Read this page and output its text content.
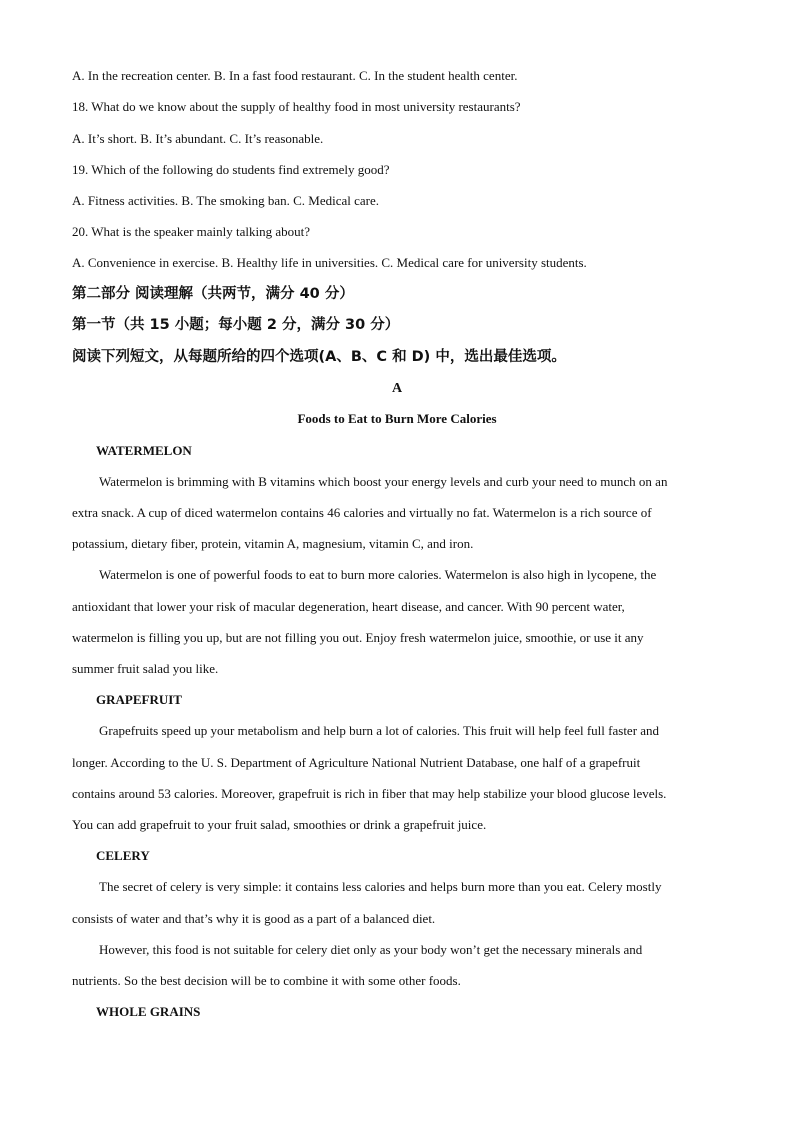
A. In the recreation center. B. In a fast food restaurant. C. In the student health center.
18. What do we know about the supply of healthy food in most university restaurants?
A. It’s short. B. It’s abundant. C. It’s reasonable.
19. Which of the following do students find extremely good?
A. Fitness activities. B. The smoking ban. C. Medical care.
20. What is the speaker mainly talking about?
A. Convenience in exercise. B. Healthy life in universities. C. Medical care for university students.
第二部分 阅读理解（共两节，满分 40 分）
第一节（共 15 小题；每小题 2 分，满分 30 分）
阅读下列短文，从每题所给的四个选项(A、B、C 和 D) 中，选出最佳选项。
A
Foods to Eat to Burn More Calories
WATERMELON
Watermelon is brimming with B vitamins which boost your energy levels and curb your need to munch on an
extra snack. A cup of diced watermelon contains 46 calories and virtually no fat. Watermelon is a rich source of
potassium, dietary fiber, protein, vitamin A, magnesium, vitamin C, and iron.
Watermelon is one of powerful foods to eat to burn more calories. Watermelon is also high in lycopene, the
antioxidant that lower your risk of macular degeneration, heart disease, and cancer. With 90 percent water,
watermelon is filling you up, but are not filling you out. Enjoy fresh watermelon juice, smoothie, or use it any
summer fruit salad you like.
GRAPEFRUIT
Grapefruits speed up your metabolism and help burn a lot of calories. This fruit will help feel full faster and
longer. According to the U. S. Department of Agriculture National Nutrient Database, one half of a grapefruit
contains around 53 calories. Moreover, grapefruit is rich in fiber that may help stabilize your blood glucose levels.
You can add grapefruit to your fruit salad, smoothies or drink a grapefruit juice.
CELERY
The secret of celery is very simple: it contains less calories and helps burn more than you eat. Celery mostly
consists of water and that’s why it is good as a part of a balanced diet.
However, this food is not suitable for celery diet only as your body won’t get the necessary minerals and
nutrients. So the best decision will be to combine it with some other foods.
WHOLE GRAINS
